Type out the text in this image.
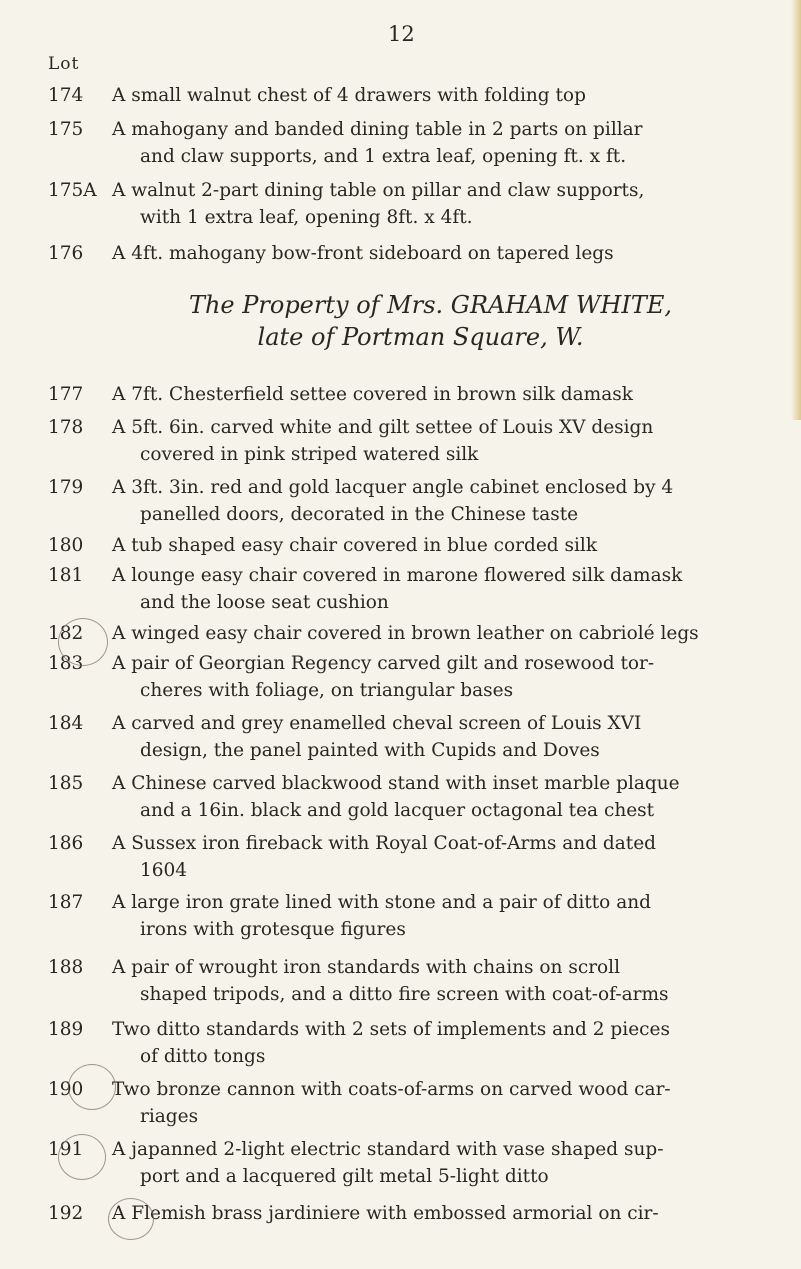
12
Lot
174	A small walnut chest of 4 drawers with folding top
175	A mahogany and banded dining table in 2 parts on pillar
and claw supports, and 1 extra leaf, opening ft. x ft.
175A A walnut 2-part dining table on pillar and claw supports,
with 1 extra leaf, opening 8ft. x 4ft.
176	A 4ft. mahogany bow-front sideboard on tapered legs
The Property of Mrs. GRAHAM WHITE,
late of Portman Square, W.
177	A 7ft. Chesterfield settee covered in brown silk damask
178	A 5ft. 6in. carved white and gilt settee of Louis XV design
covered in pink striped watered silk
179	A 3ft. 3in. red and gold lacquer angle cabinet enclosed by 4
panelled doors, decorated in the Chinese taste
180	A tub shaped easy chair covered in blue corded silk
181	A lounge easy chair covered in marone flowered silk damask
and the loose seat cushion
182	A winged easy chair covered in brown leather on cabriolé legs
183	A pair of Georgian Regency carved gilt and rosewood tor-
cheres with foliage, on triangular bases
184	A carved and grey enamelled cheval screen of Louis XVI
design, the panel painted with Cupids and Doves
185	A Chinese carved blackwood stand with inset marble plaque
and a 16in. black and gold lacquer octagonal tea chest
186	A Sussex iron fireback with Royal Coat-of-Arms and dated
1604
187	A large iron grate lined with stone and a pair of ditto and
irons with grotesque figures
188	A pair of wrought iron standards with chains on scroll
shaped tripods, and a ditto fire screen with coat-of-arms
189	Two ditto standards with 2 sets of implements and 2 pieces
of ditto tongs
190	Two bronze cannon with coats-of-arms on carved wood car-
riages
191	A japanned 2-light electric standard with vase shaped sup-
port and a lacquered gilt metal 5-light ditto
192	A Flemish brass jardiniere with embossed armorial on cir-
